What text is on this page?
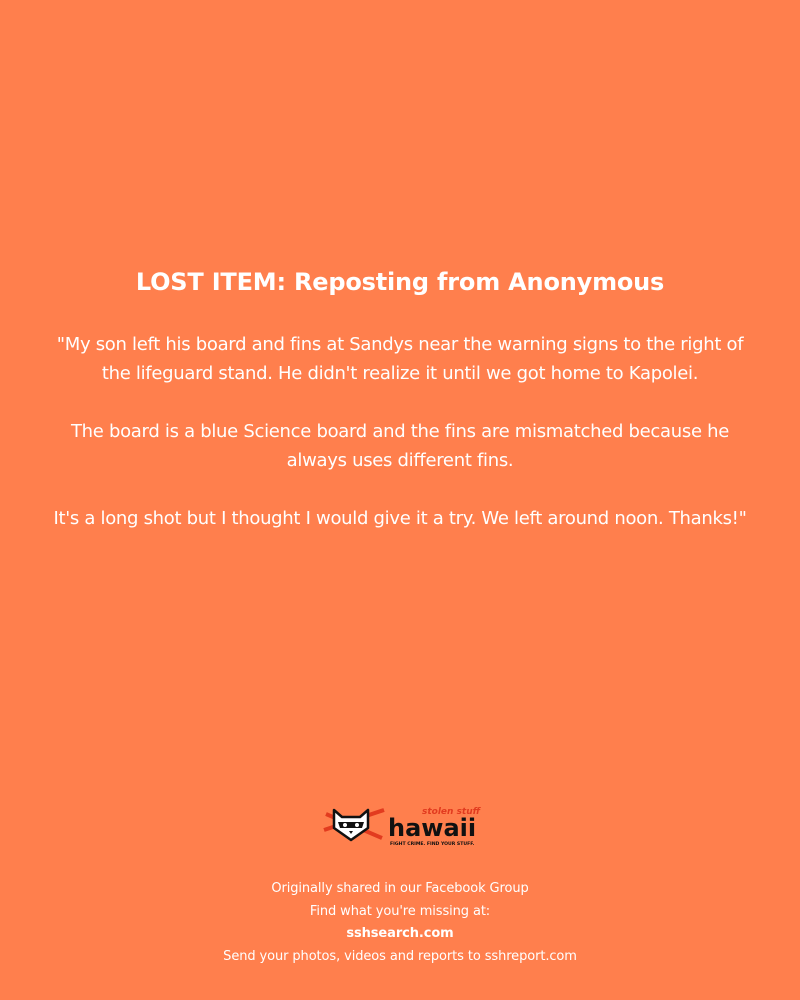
LOST ITEM: Reposting from Anonymous

"My son left his board and fins at Sandys near the warning signs to the right of the lifeguard stand. He didn't realize it until we got home to Kapolei.

The board is a blue Science board and the fins are mismatched because he always uses different fins.

It's a long shot but I thought I would give it a try. We left around noon. Thanks!"

stolen stuff
hawaii
FIGHT CRIME. FIND YOUR STUFF.
Originally shared in our Facebook Group
Find what you're missing at:
sshsearch.com
Send your photos, videos and reports to sshreport.com
